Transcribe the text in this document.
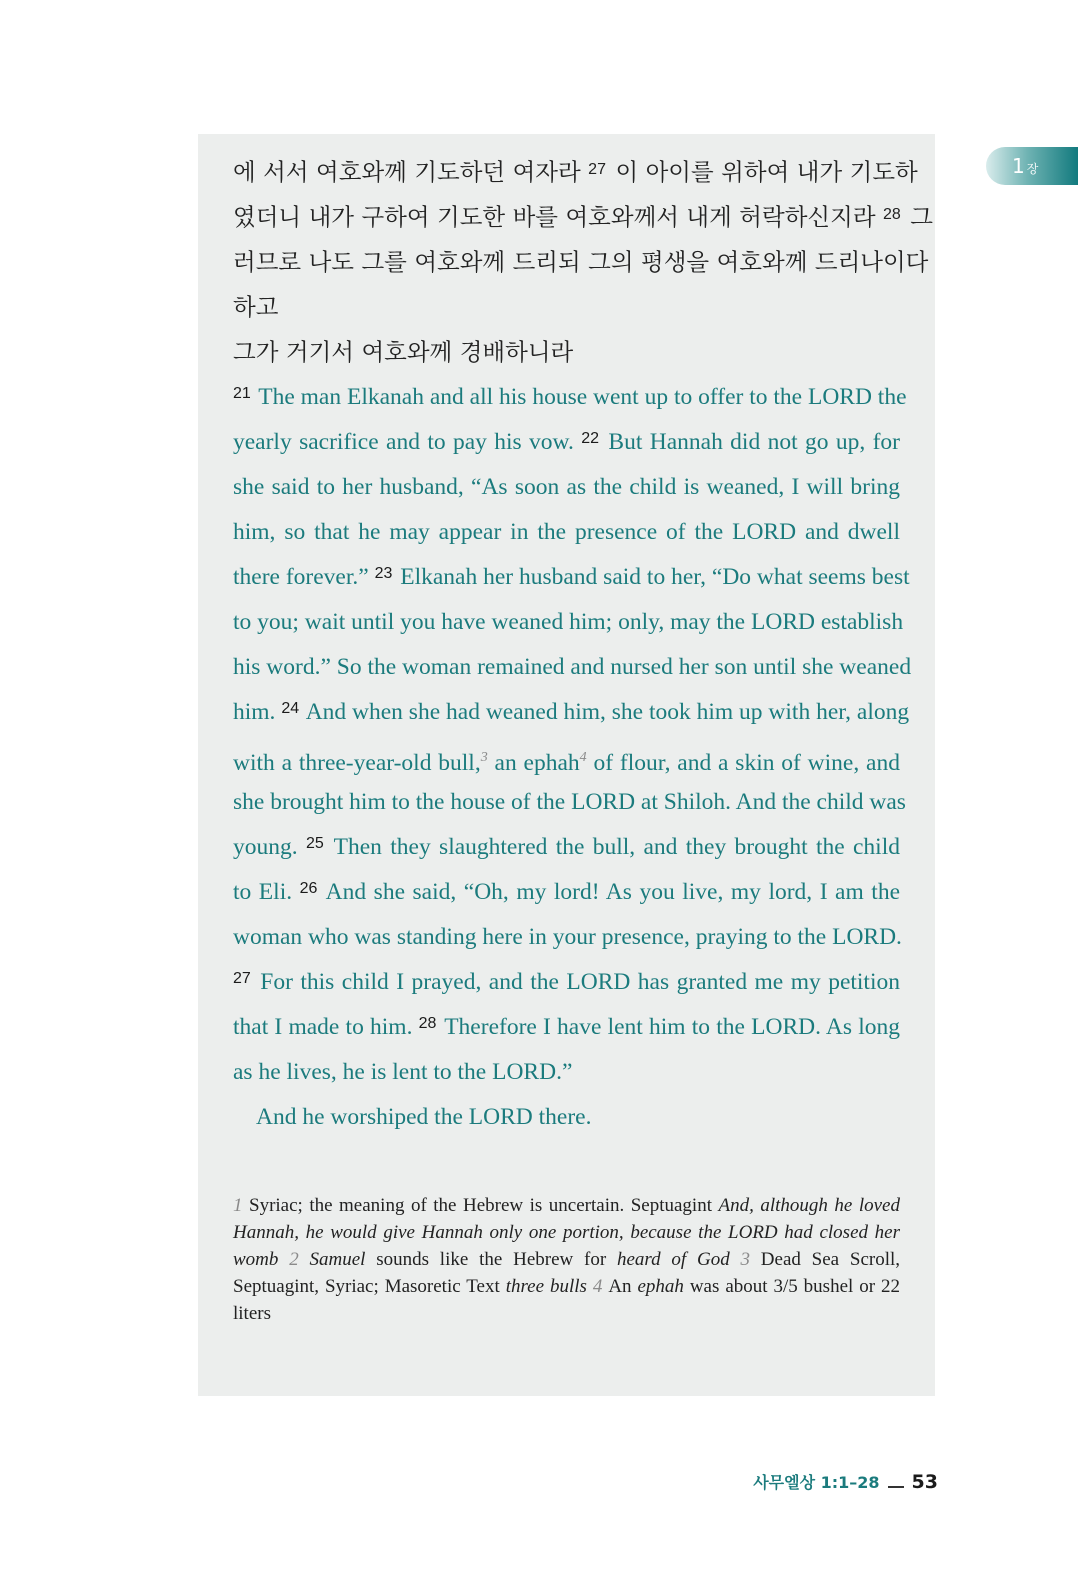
1 장
에 서서 여호와께 기도하던 여자라 $^{27}$ 이 아이를 위하여 내가 기도하
였더니 내가 구하여 기도한 바를 여호와께서 내게 허락하신지라 $^{28}$ 그
러므로 나도 그를 여호와께 드리되 그의 평생을 여호와께 드리나이다
하고
그가 거기서 여호와께 경배하니라
$^{21}$ The man Elkanah and all his house went up to offer to the LORD the
yearly sacrifice and to pay his vow. $^{22}$ But Hannah did not go up, for
she said to her husband, “As soon as the child is weaned, I will bring
him, so that he may appear in the presence of the LORD and dwell
there forever.” $^{23}$ Elkanah her husband said to her, “Do what seems best
to you; wait until you have weaned him; only, may the LORD establish
his word.” So the woman remained and nursed her son until she weaned
him. $^{24}$ And when she had weaned him, she took him up with her, along
with a three-year-old bull,$^3$ an ephah$^4$ of flour, and a skin of wine, and
she brought him to the house of the LORD at Shiloh. And the child was
young. $^{25}$ Then they slaughtered the bull, and they brought the child
to Eli. $^{26}$ And she said, “Oh, my lord! As you live, my lord, I am the
woman who was standing here in your presence, praying to the LORD.
$^{27}$ For this child I prayed, and the LORD has granted me my petition
that I made to him. $^{28}$ Therefore I have lent him to the LORD. As long
as he lives, he is lent to the LORD.”
And he worshiped the LORD there.
1 Syriac; the meaning of the Hebrew is uncertain. Septuagint And, although he loved Hannah, he would give Hannah only one portion, because the LORD had closed her womb 2 Samuel sounds like the Hebrew for heard of God 3 Dead Sea Scroll, Septuagint, Syriac; Masoretic Text three bulls 4 An ephah was about 3/5 bushel or 22 liters
사무엘상 1:1–28 53
